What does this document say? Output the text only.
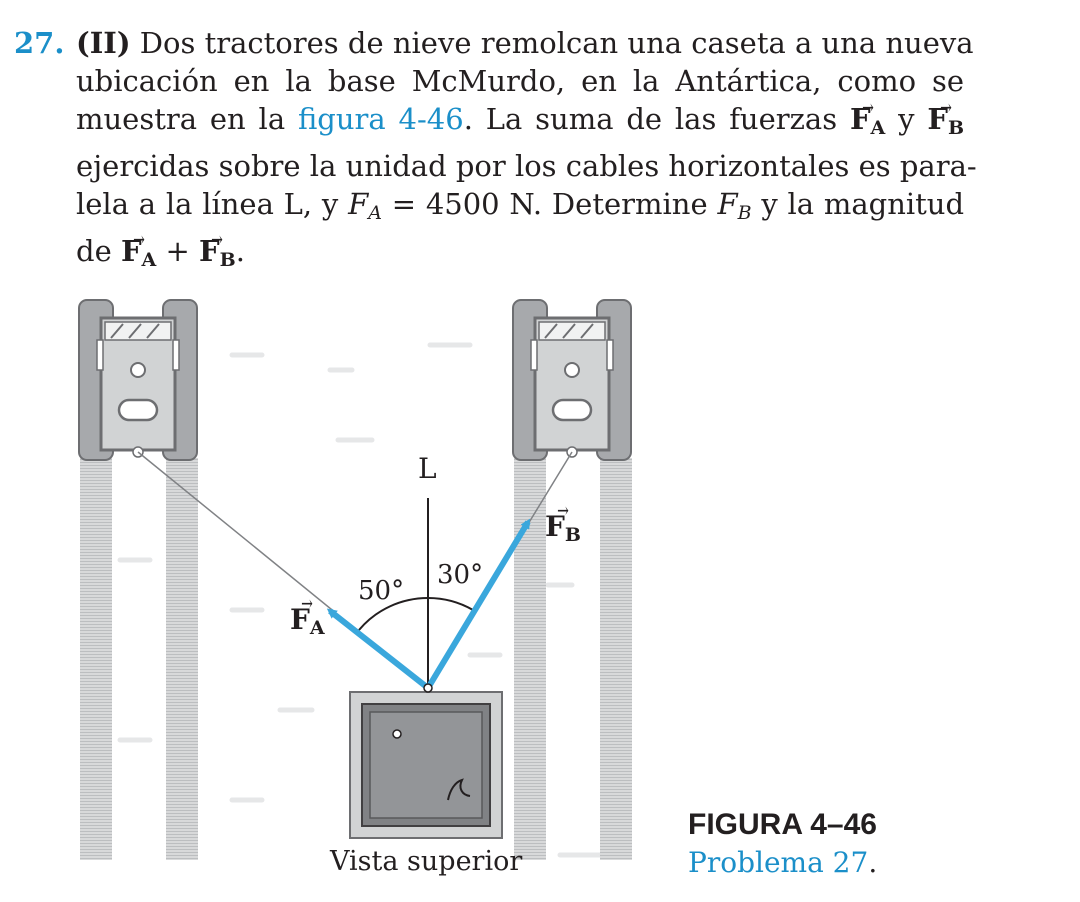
27. (II) Dos tractores de nieve remolcan una caseta a una nueva
ubicación en la base McMurdo, en la Antártica, como se
muestra en la figura 4-46. La suma de las fuerzas → $F_A$ $y \to F_B$
ejercidas sobre la unidad por los cables horizontales es para-
lela a la línea L, y $F_A = 4500$ N. Determine $F_B$ y la magnitud
de → $F_A$ + → $F_B$.
L
50°
30°
→ $F_A$
→ $F_B$
Vista superior
FIGURA 4–46
Problema 27.
